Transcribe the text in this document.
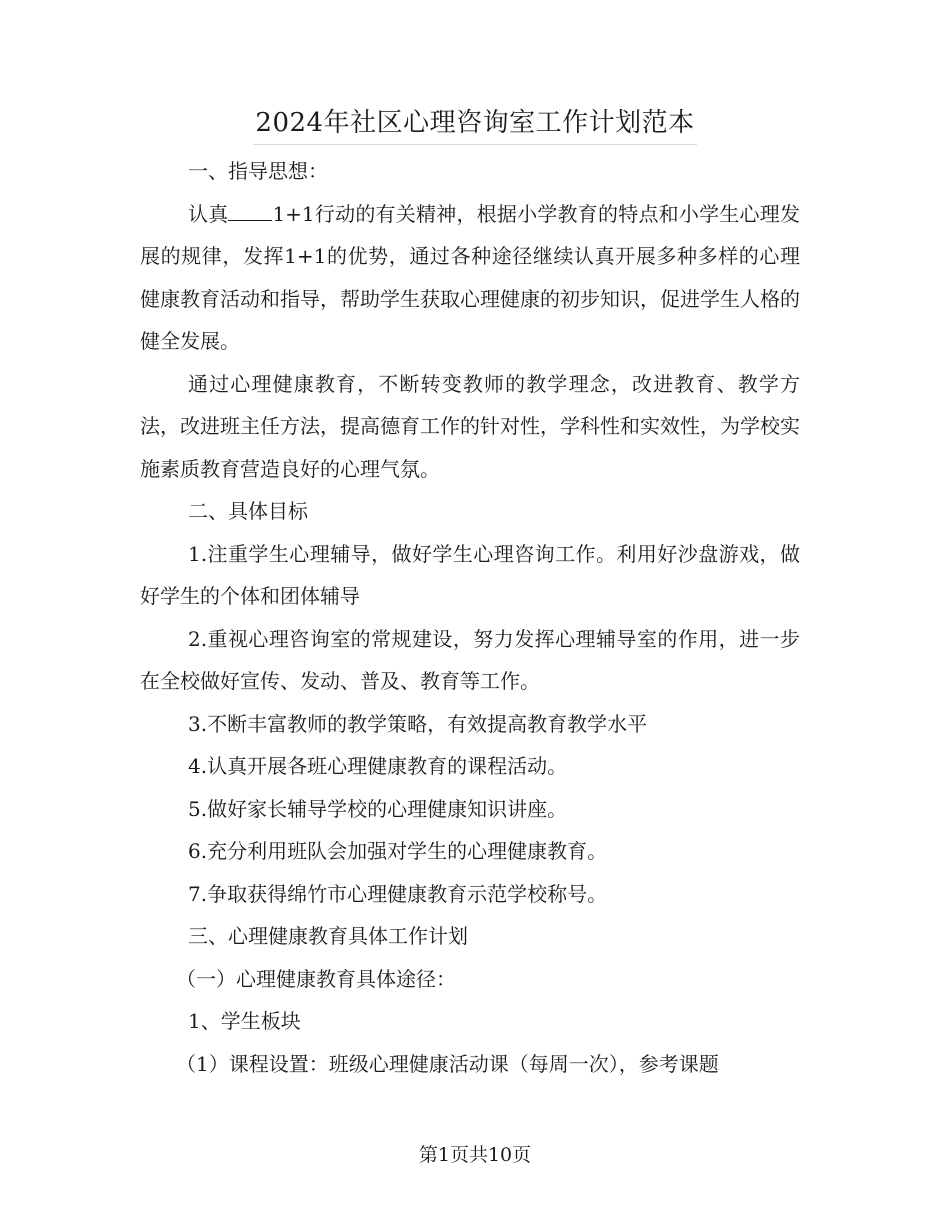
2024年社区心理咨询室工作计划范本

一、指导思想：

认真 1+1行动的有关精神，根据小学教育的特点和小学生心理发展的规律，发挥1+1的优势，通过各种途径继续认真开展多种多样的心理健康教育活动和指导，帮助学生获取心理健康的初步知识，促进学生人格的健全发展。

通过心理健康教育，不断转变教师的教学理念，改进教育、教学方法，改进班主任方法，提高德育工作的针对性，学科性和实效性，为学校实施素质教育营造良好的心理气氛。

二、具体目标

1.注重学生心理辅导，做好学生心理咨询工作。利用好沙盘游戏，做好学生的个体和团体辅导

2.重视心理咨询室的常规建设，努力发挥心理辅导室的作用，进一步在全校做好宣传、发动、普及、教育等工作。

3.不断丰富教师的教学策略，有效提高教育教学水平

4.认真开展各班心理健康教育的课程活动。

5.做好家长辅导学校的心理健康知识讲座。

6.充分利用班队会加强对学生的心理健康教育。

7.争取获得绵竹市心理健康教育示范学校称号。

三、心理健康教育具体工作计划

（一）心理健康教育具体途径：

1、学生板块

（1）课程设置：班级心理健康活动课（每周一次），参考课题

第1页共10页
